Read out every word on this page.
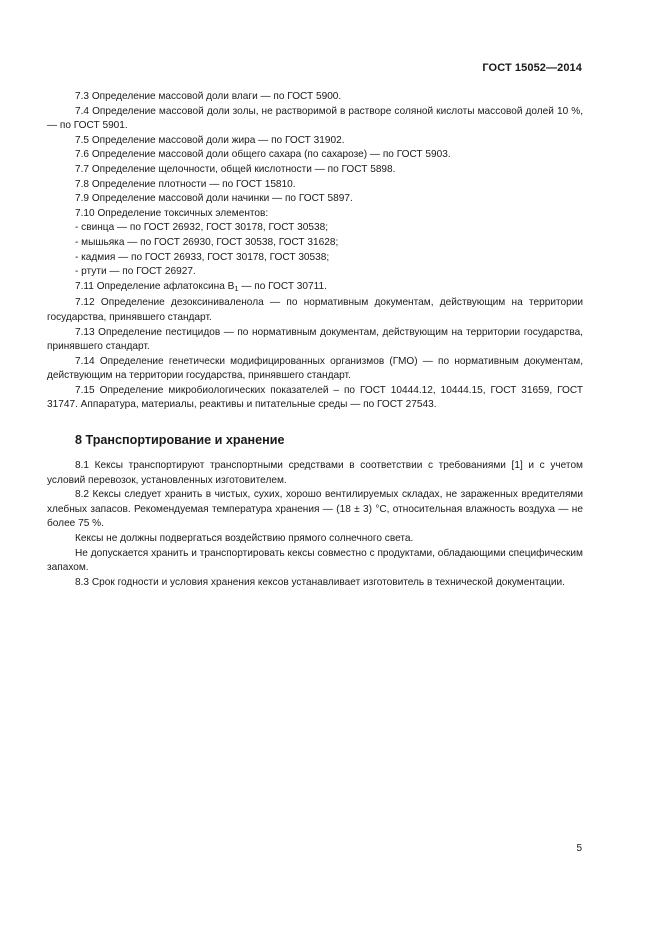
ГОСТ 15052—2014

7.3 Определение массовой доли влаги — по ГОСТ 5900.

7.4 Определение массовой доли золы, не растворимой в растворе соляной кислоты массовой долей 10 %, — по ГОСТ 5901.

7.5 Определение массовой доли жира — по ГОСТ 31902.

7.6 Определение массовой доли общего сахара (по сахарозе) — по ГОСТ 5903.

7.7 Определение щелочности, общей кислотности — по ГОСТ 5898.

7.8 Определение плотности — по ГОСТ 15810.

7.9 Определение массовой доли начинки — по ГОСТ 5897.

7.10 Определение токсичных элементов:

- свинца — по ГОСТ 26932, ГОСТ 30178, ГОСТ 30538;

- мышьяка — по ГОСТ 26930, ГОСТ 30538, ГОСТ 31628;

- кадмия — по ГОСТ 26933, ГОСТ 30178, ГОСТ 30538;

- ртути — по ГОСТ 26927.

7.11 Определение афлатоксина $В_1$ — по ГОСТ 30711.

7.12 Определение дезоксиниваленола — по нормативным документам, действующим на территории государства, принявшего стандарт.

7.13 Определение пестицидов — по нормативным документам, действующим на территории государства, принявшего стандарт.

7.14 Определение генетически модифицированных организмов (ГМО) — по нормативным документам, действующим на территории государства, принявшего стандарт.

7.15 Определение микробиологических показателей – по ГОСТ 10444.12, 10444.15, ГОСТ 31659, ГОСТ 31747. Аппаратура, материалы, реактивы и питательные среды — по ГОСТ 27543.

8 Транспортирование и хранение

8.1 Кексы транспортируют транспортными средствами в соответствии с требованиями [1] и с учетом условий перевозок, установленных изготовителем.

8.2 Кексы следует хранить в чистых, сухих, хорошо вентилируемых складах, не зараженных вредителями хлебных запасов. Рекомендуемая температура хранения — (18 ± 3) °С, относительная влажность воздуха — не более 75 %.

Кексы не должны подвергаться воздействию прямого солнечного света.

Не допускается хранить и транспортировать кексы совместно с продуктами, обладающими специфическим запахом.

8.3 Срок годности и условия хранения кексов устанавливает изготовитель в технической документации.

5
